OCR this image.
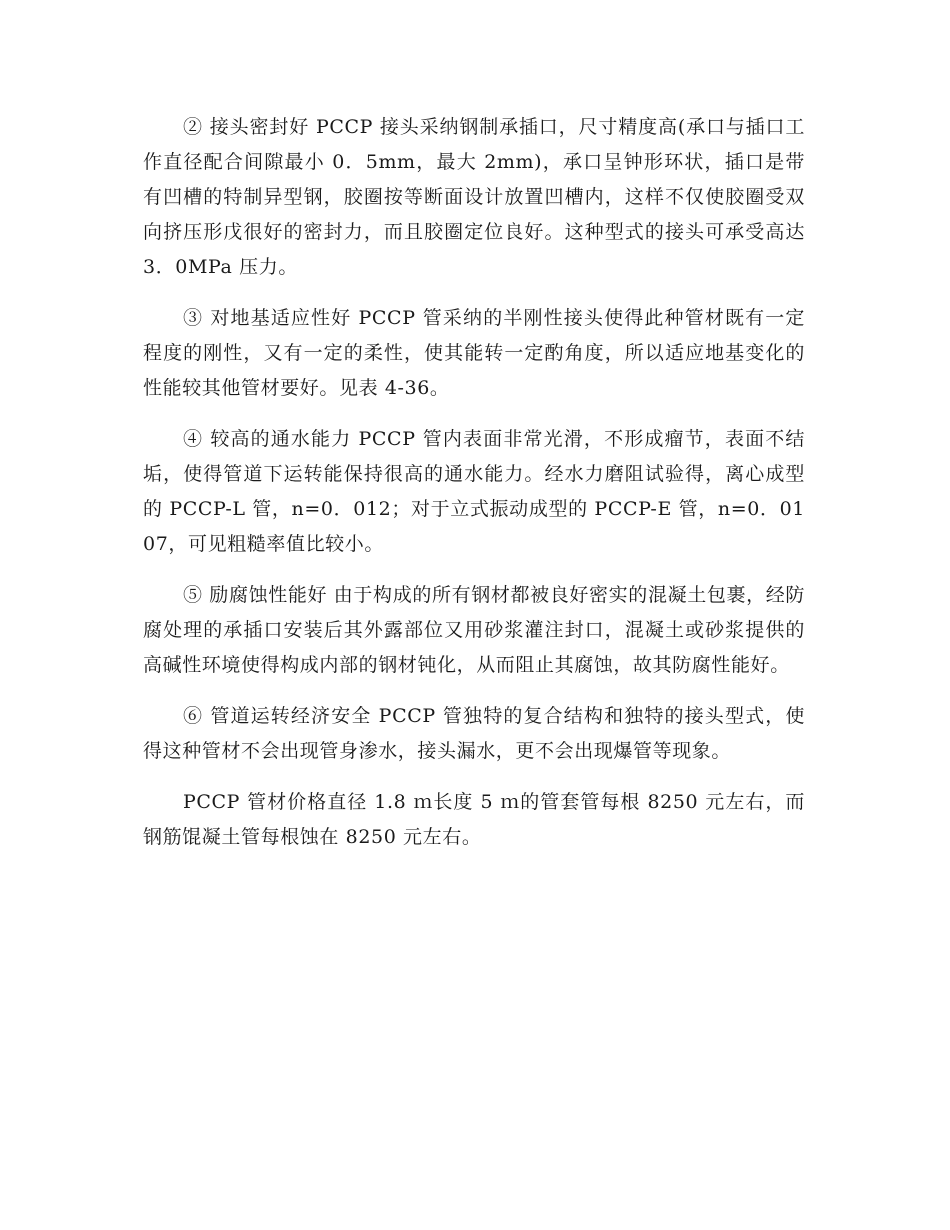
② 接头密封好 PCCP 接头采纳钢制承插口，尺寸精度高(承口与插口工作直径配合间隙最小 0．5mm，最大 2mm)，承口呈钟形环状，插口是带有凹槽的特制异型钢，胶圈按等断面设计放置凹槽内，这样不仅使胶圈受双向挤压形戊很好的密封力，而且胶圈定位良好。这种型式的接头可承受高达 3．0MPa 压力。

③ 对地基适应性好 PCCP 管采纳的半刚性接头使得此种管材既有一定程度的刚性，又有一定的柔性，使其能转一定酌角度，所以适应地基变化的性能较其他管材要好。见表 4-36。

④ 较高的通水能力 PCCP 管内表面非常光滑，不形成瘤节，表面不结垢，使得管道下运转能保持很高的通水能力。经水力磨阻试验得，离心成型的 PCCP-L 管，n=0．012；对于立式振动成型的 PCCP-E 管，n=0．0107，可见粗糙率值比较小。

⑤ 励腐蚀性能好 由于构成的所有钢材都被良好密实的混凝土包裹，经防腐处理的承插口安装后其外露部位又用砂浆灌注封口，混凝土或砂浆提供的高碱性环境使得构成内部的钢材钝化，从而阻止其腐蚀，故其防腐性能好。

⑥ 管道运转经济安全 PCCP 管独特的复合结构和独特的接头型式，使得这种管材不会出现管身渗水，接头漏水，更不会出现爆管等现象。

PCCP 管材价格直径 1.8 ｍ长度 5 ｍ的管套管每根 8250 元左右，而钢筋馄凝土管每根蚀在 8250 元左右。
